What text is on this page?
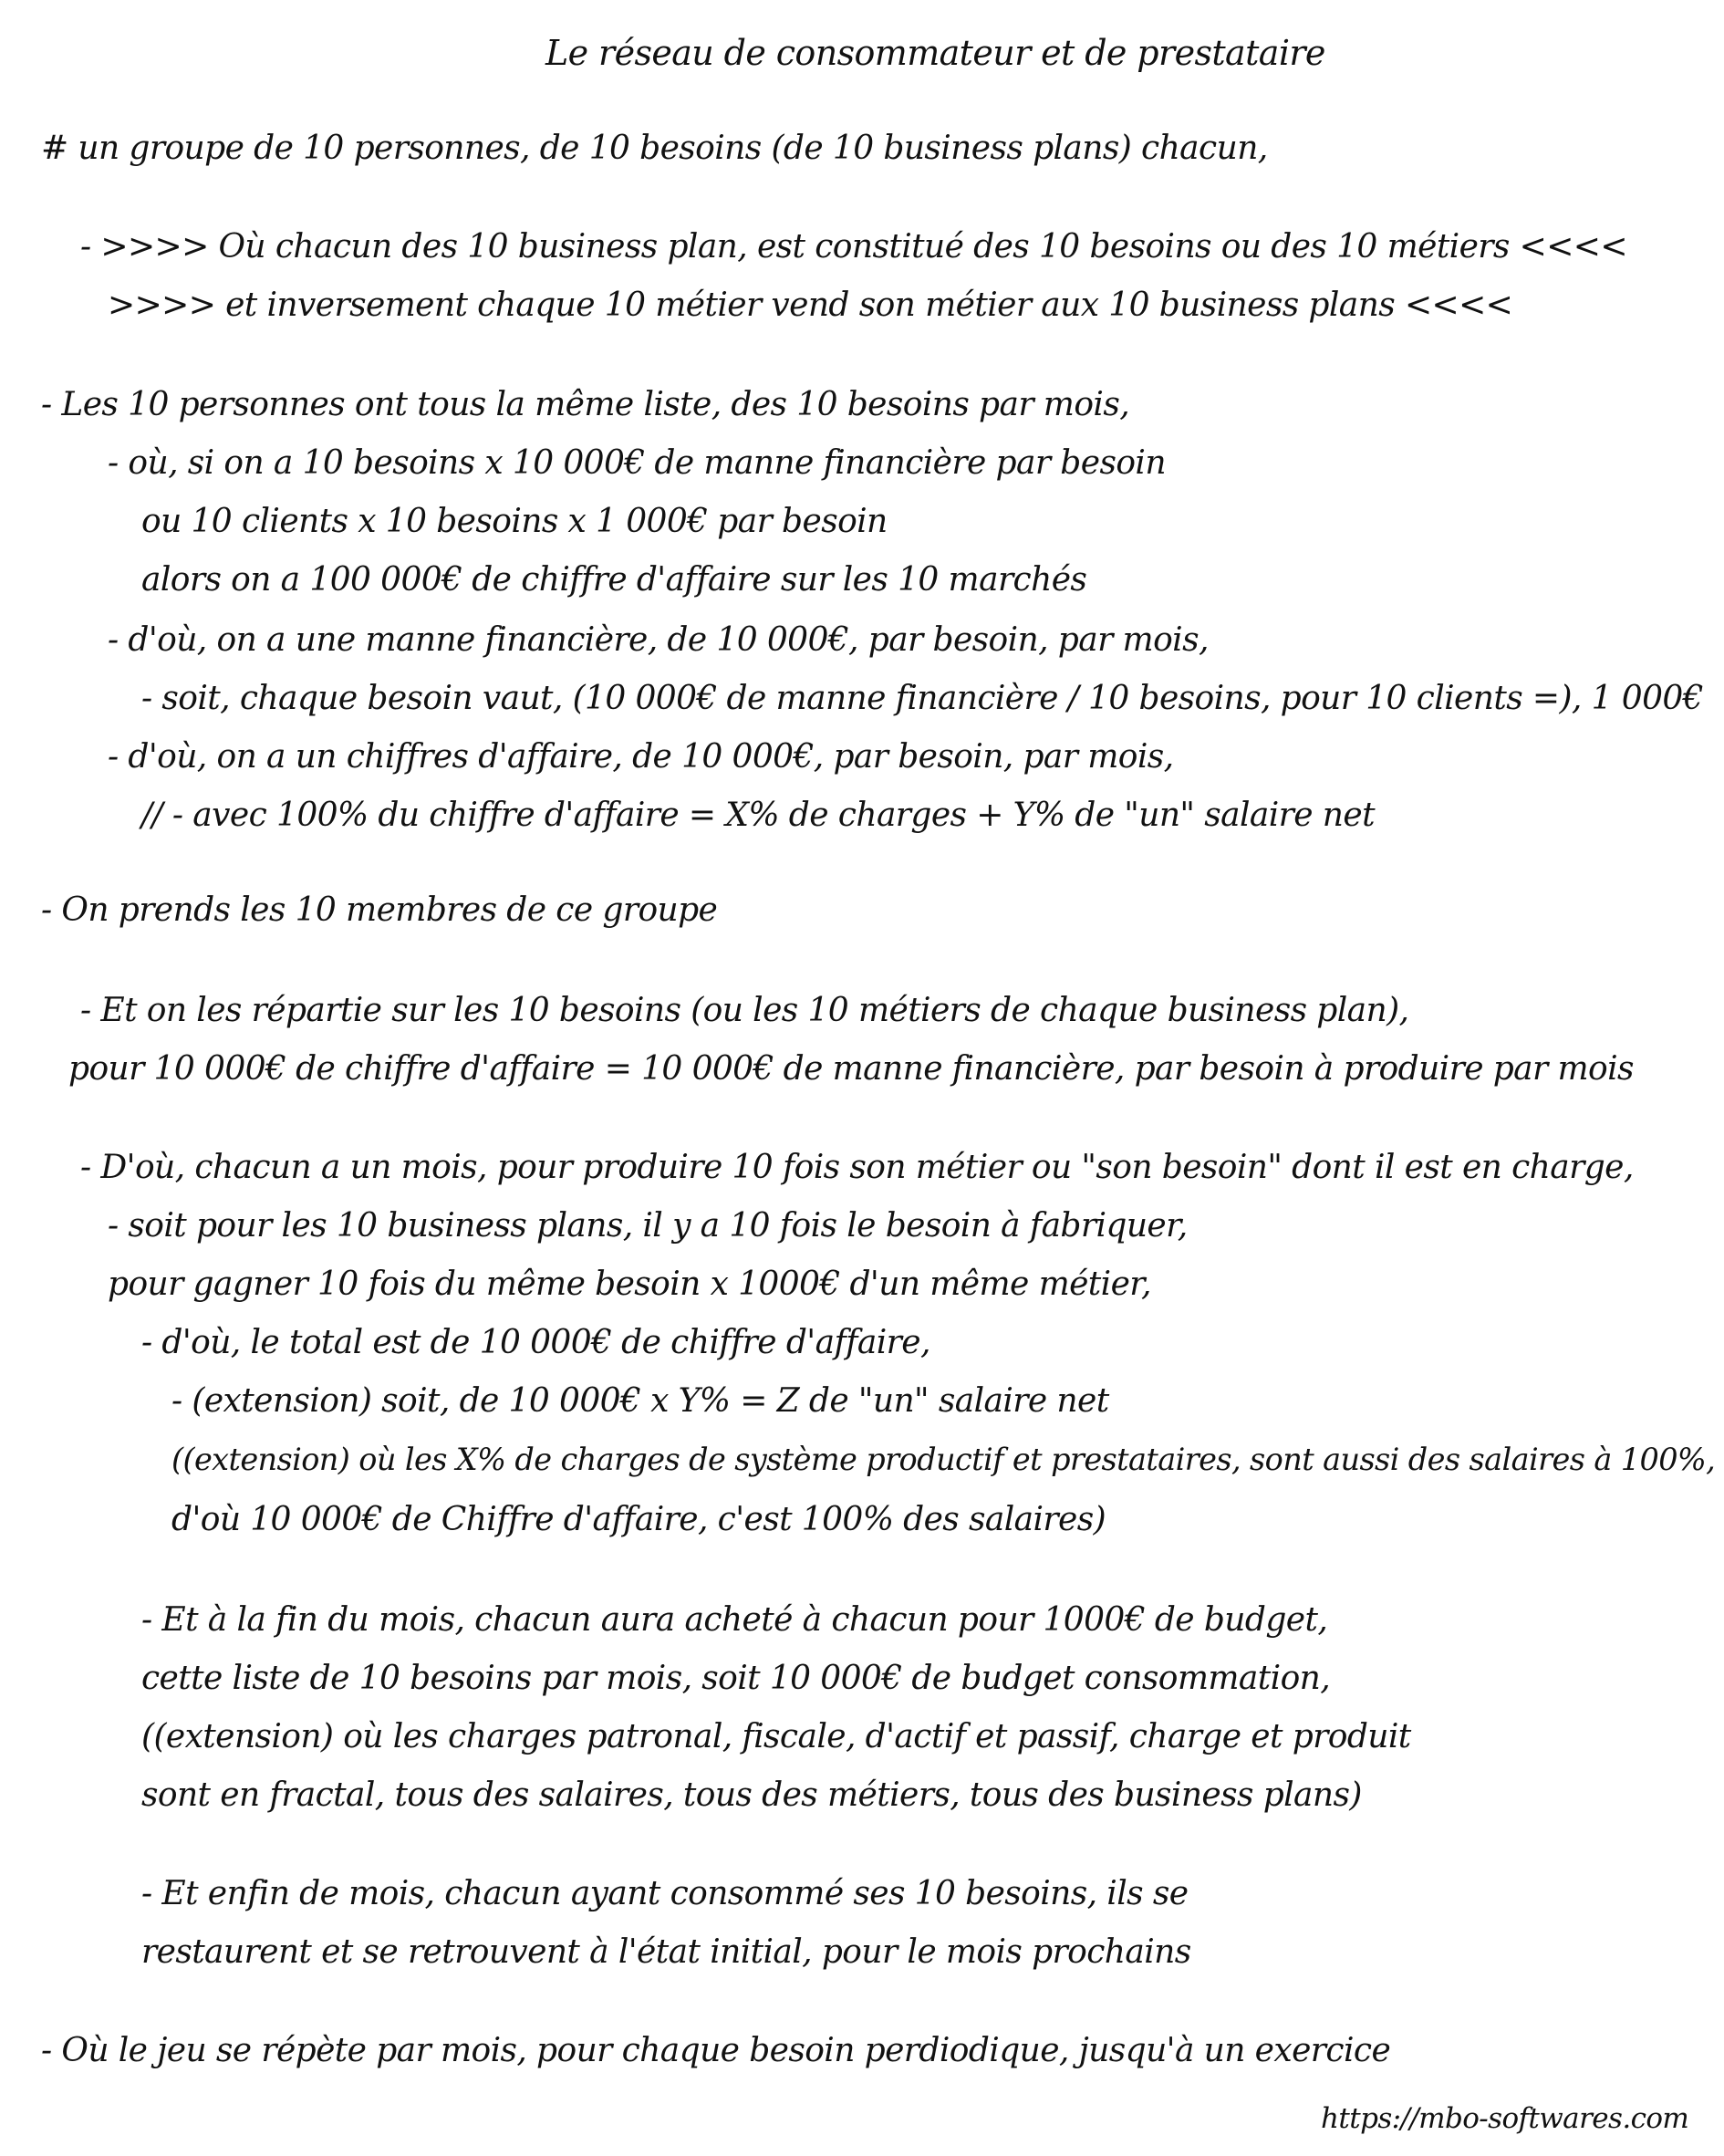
Le réseau de consommateur et de prestataire
# un groupe de 10 personnes, de 10 besoins (de 10 business plans) chacun,
- >>>> Où chacun des 10 business plan, est constitué des 10 besoins ou des 10 métiers <<<<
>>>> et inversement chaque 10 métier vend son métier aux 10 business plans <<<<
- Les 10 personnes ont tous la même liste, des 10 besoins par mois,
- où, si on a 10 besoins x 10 000€ de manne financière par besoin
ou 10 clients x 10 besoins x 1 000€ par besoin
alors on a 100 000€ de chiffre d'affaire sur les 10 marchés
- d'où, on a une manne financière, de 10 000€, par besoin, par mois,
- soit, chaque besoin vaut, (10 000€ de manne financière / 10 besoins, pour 10 clients =), 1 000€
- d'où, on a un chiffres d'affaire, de 10 000€, par besoin, par mois,
// - avec 100% du chiffre d'affaire = X% de charges + Y% de "un" salaire net
- On prends les 10 membres de ce groupe
- Et on les répartie sur les 10 besoins (ou les 10 métiers de chaque business plan),
pour 10 000€ de chiffre d'affaire = 10 000€ de manne financière, par besoin à produire par mois
- D'où, chacun a un mois, pour produire 10 fois son métier ou "son besoin" dont il est en charge,
- soit pour les 10 business plans, il y a 10 fois le besoin à fabriquer,
pour gagner 10 fois du même besoin x 1000€ d'un même métier,
- d'où, le total est de 10 000€ de chiffre d'affaire,
- (extension) soit, de 10 000€ x Y% = Z de "un" salaire net
((extension) où les X% de charges de système productif et prestataires, sont aussi des salaires à 100%,
d'où 10 000€ de Chiffre d'affaire, c'est 100% des salaires)
- Et à la fin du mois, chacun aura acheté à chacun pour 1000€ de budget,
cette liste de 10 besoins par mois, soit 10 000€ de budget consommation,
((extension) où les charges patronal, fiscale, d'actif et passif, charge et produit
sont en fractal, tous des salaires, tous des métiers, tous des business plans)
- Et enfin de mois, chacun ayant consommé ses 10 besoins, ils se
restaurent et se retrouvent à l'état initial, pour le mois prochains
- Où le jeu se répète par mois, pour chaque besoin perdiodique, jusqu'à un exercice
https://mbo-softwares.com
